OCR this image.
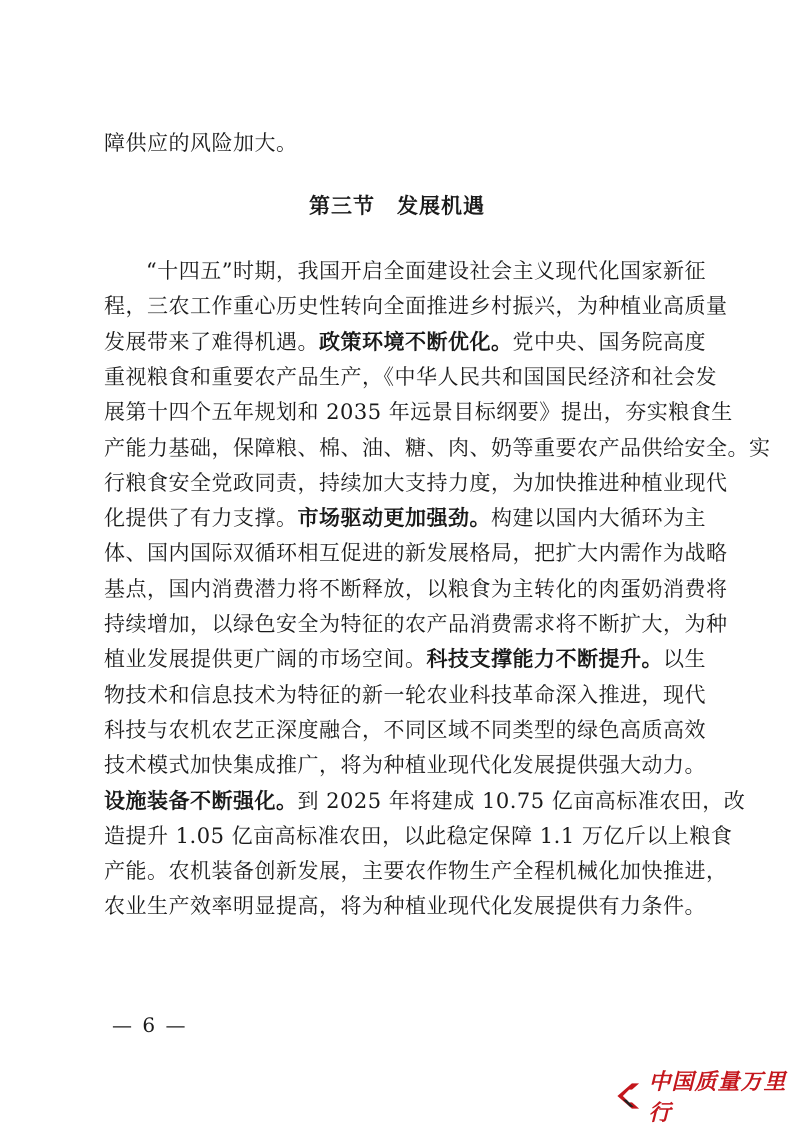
障供应的风险加大。
第三节　发展机遇
“十四五”时期，我国开启全面建设社会主义现代化国家新征
程，三农工作重心历史性转向全面推进乡村振兴，为种植业高质量
发展带来了难得机遇。政策环境不断优化。党中央、国务院高度
重视粮食和重要农产品生产，《中华人民共和国国民经济和社会发
展第十四个五年规划和 2035 年远景目标纲要》提出，夯实粮食生
产能力基础，保障粮、棉、油、糖、肉、奶等重要农产品供给安全。实
行粮食安全党政同责，持续加大支持力度，为加快推进种植业现代
化提供了有力支撑。市场驱动更加强劲。构建以国内大循环为主
体、国内国际双循环相互促进的新发展格局，把扩大内需作为战略
基点，国内消费潜力将不断释放，以粮食为主转化的肉蛋奶消费将
持续增加，以绿色安全为特征的农产品消费需求将不断扩大，为种
植业发展提供更广阔的市场空间。科技支撑能力不断提升。以生
物技术和信息技术为特征的新一轮农业科技革命深入推进，现代
科技与农机农艺正深度融合，不同区域不同类型的绿色高质高效
技术模式加快集成推广，将为种植业现代化发展提供强大动力。
设施装备不断强化。到 2025 年将建成 10.75 亿亩高标准农田，改
造提升 1.05 亿亩高标准农田，以此稳定保障 1.1 万亿斤以上粮食
产能。农机装备创新发展，主要农作物生产全程机械化加快推进，
农业生产效率明显提高，将为种植业现代化发展提供有力条件。
— 6 —
中国质量万里行
